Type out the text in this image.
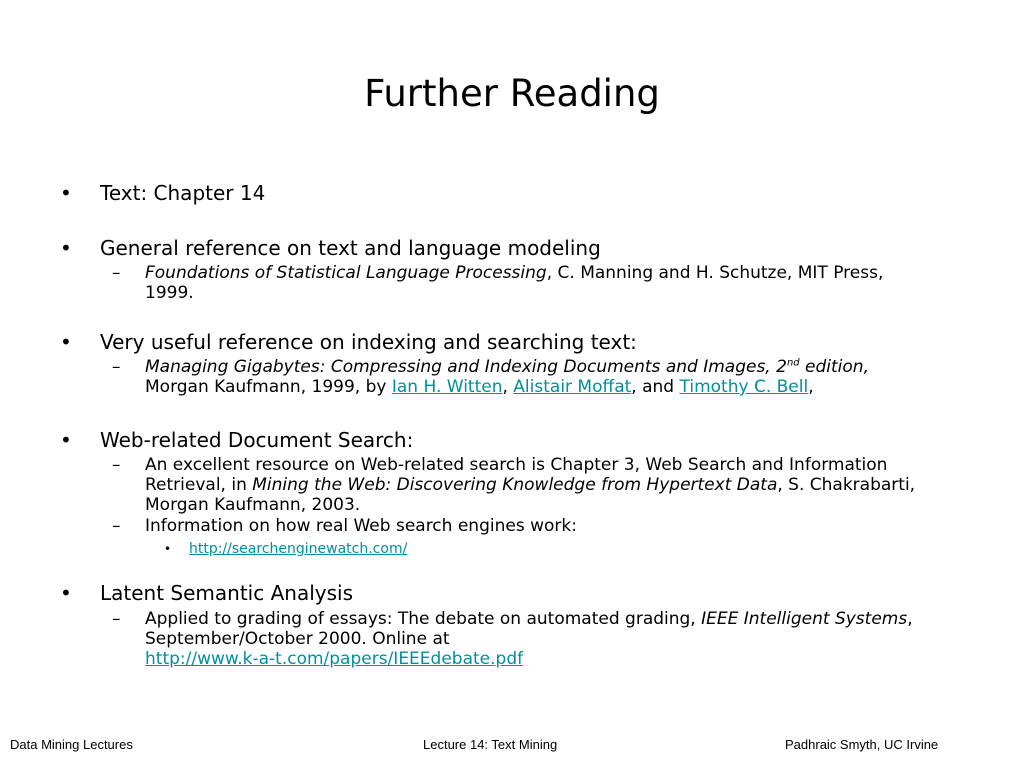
Further Reading
• Text: Chapter 14
• General reference on text and language modeling
– Foundations of Statistical Language Processing, C. Manning and H. Schutze, MIT Press,
1999.
• Very useful reference on indexing and searching text:
– Managing Gigabytes: Compressing and Indexing Documents and Images, 2nd edition,
Morgan Kaufmann, 1999, by Ian H. Witten, Alistair Moffat, and Timothy C. Bell,
• Web-related Document Search:
– An excellent resource on Web-related search is Chapter 3, Web Search and Information
Retrieval, in Mining the Web: Discovering Knowledge from Hypertext Data, S. Chakrabarti,
Morgan Kaufmann, 2003.
– Information on how real Web search engines work:
• http://searchenginewatch.com/
• Latent Semantic Analysis
– Applied to grading of essays: The debate on automated grading, IEEE Intelligent Systems,
September/October 2000. Online at
http://www.k-a-t.com/papers/IEEEdebate.pdf
Data Mining Lectures	Lecture 14: Text Mining	Padhraic Smyth, UC Irvine
